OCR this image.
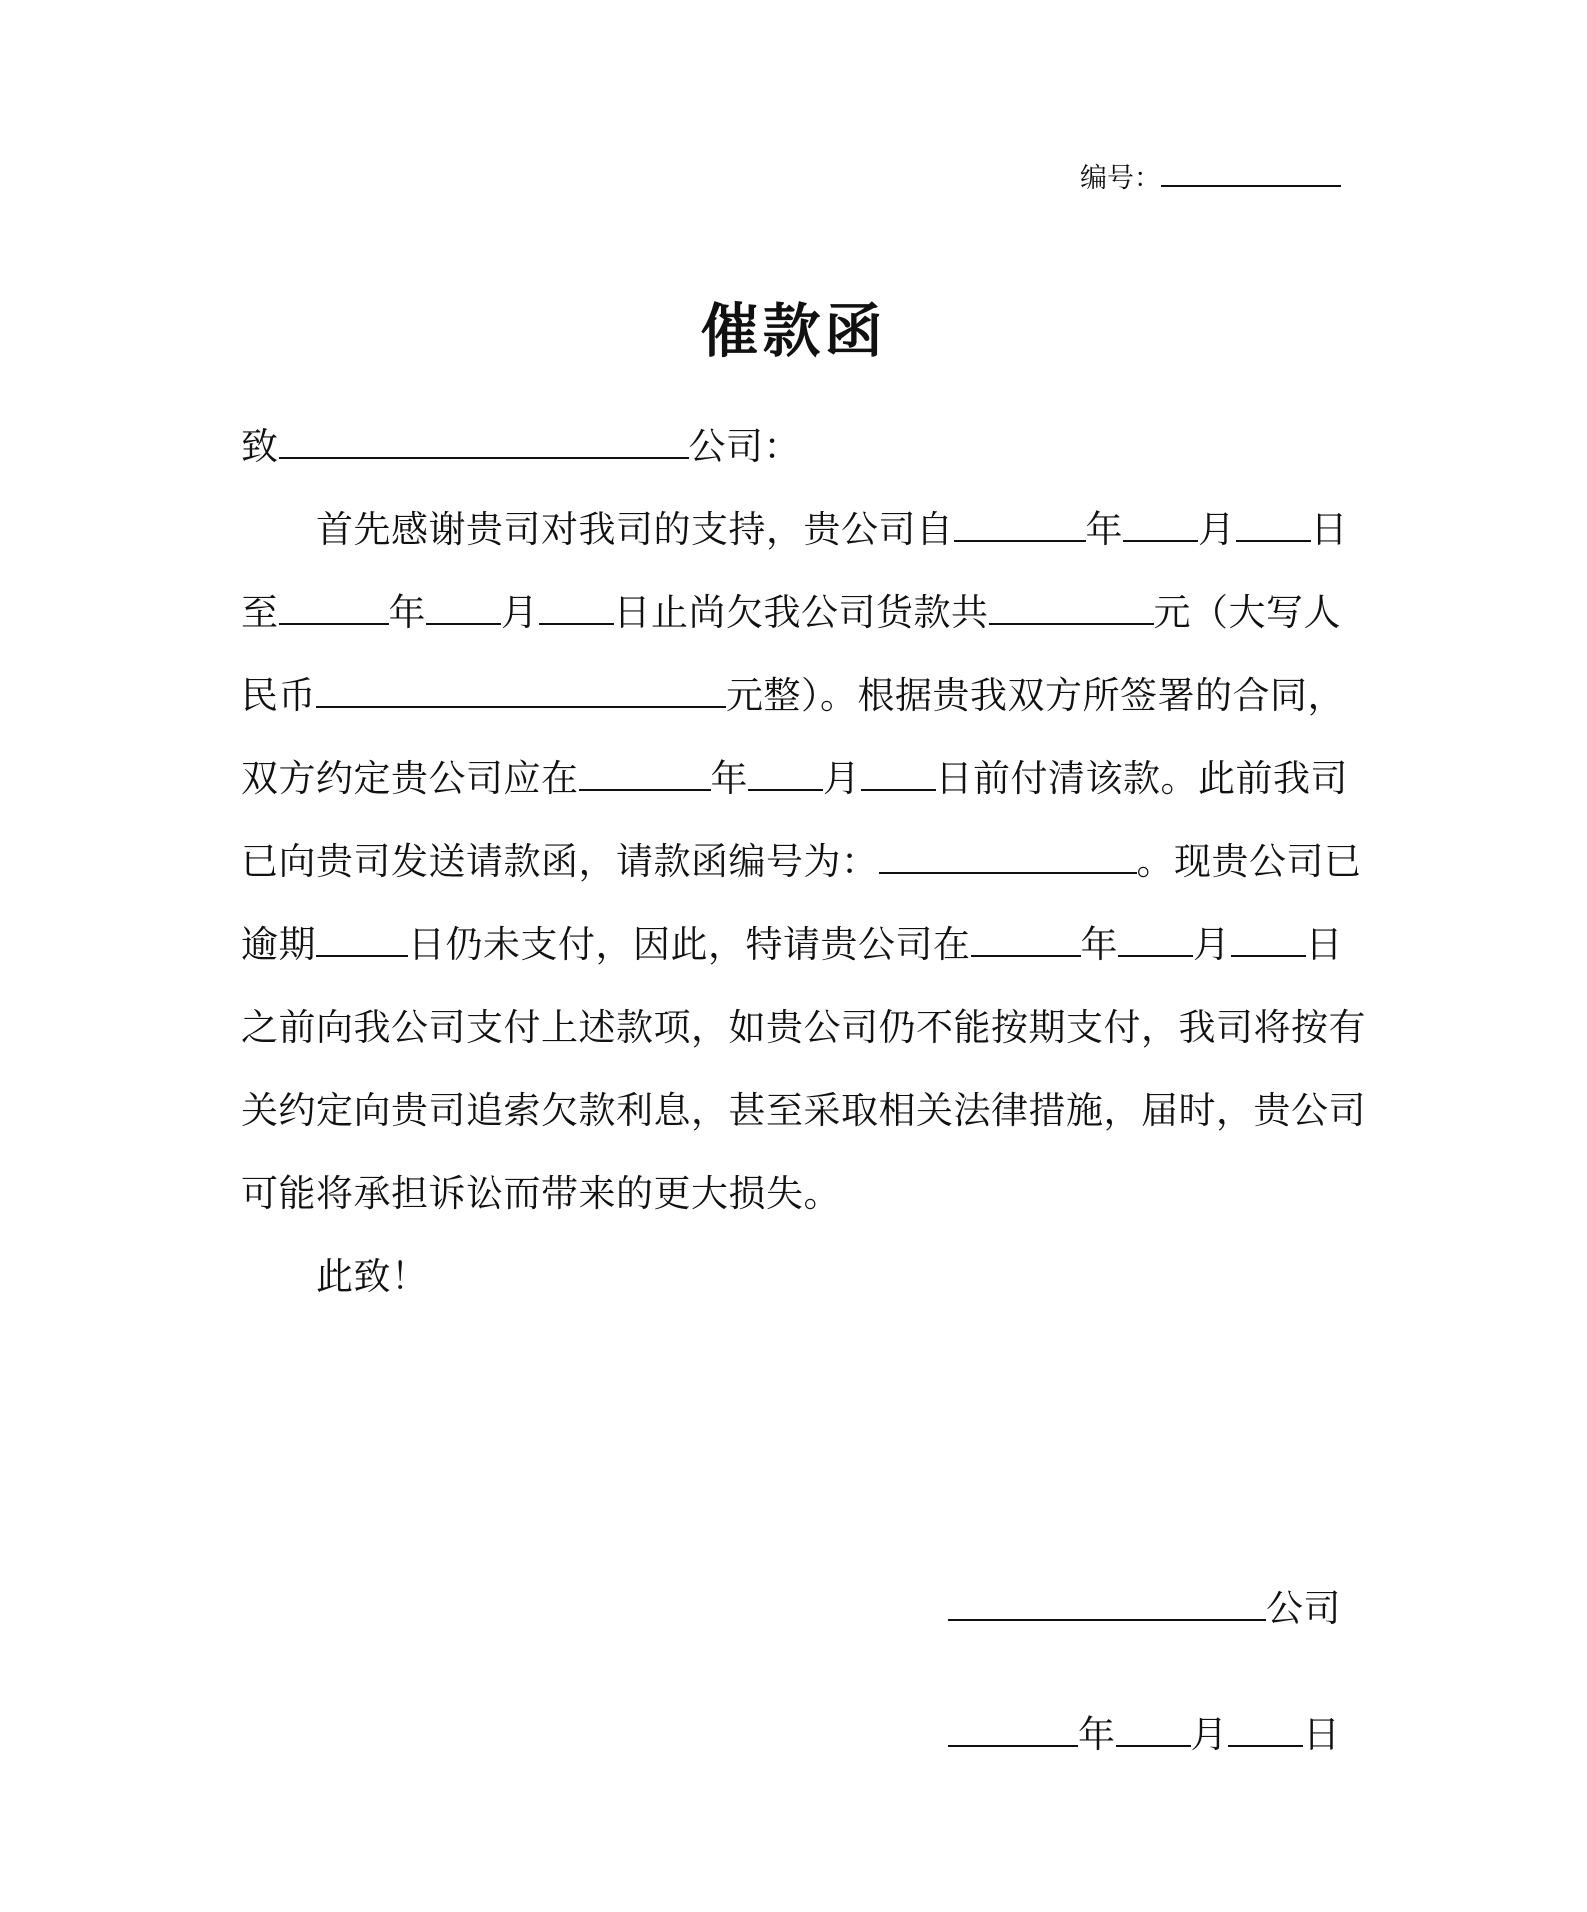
编号：
催款函
致	公司：
首先感谢贵司对我司的支持，贵公司自	年 月 日
至	年 月 日止尚欠我公司货款共	元（大写人
民币	元整）。根据贵我双方所签署的合同，
双方约定贵公司应在	年 月 日前付清该款。此前我司
已向贵司发送请款函，请款函编号为：	。现贵公司已
逾期 日仍未支付，因此，特请贵公司在	年 月 日
之前向我公司支付上述款项，如贵公司仍不能按期支付，我司将按有
关约定向贵司追索欠款利息，甚至采取相关法律措施，届时，贵公司
可能将承担诉讼而带来的更大损失。
此致！
公司
年 月 日
